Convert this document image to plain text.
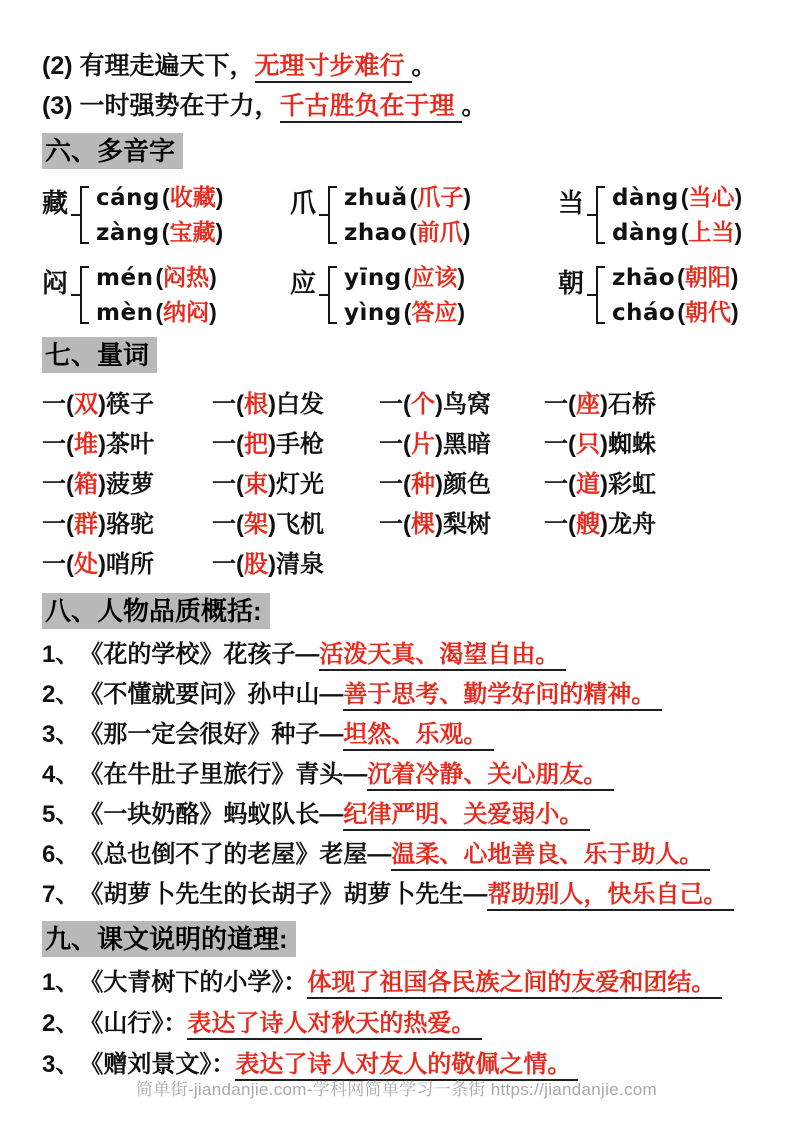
(2) 有理走遍天下，无理寸步难行 。
(3) 一时强势在于力，千古胜负在于理 。
六、多音字
藏 cáng(收藏)
zàng(宝藏)
爪 zhuǎ(爪子)
zhao(前爪)
当 dàng(当心)
dàng(上当)
闷 mén(闷热)
mèn(纳闷)
应 yīng(应该)
yìng(答应)
朝 zhāo(朝阳)
cháo(朝代)
七、量词
一(双)筷子	一(根)白发	一(个)鸟窝	一(座)石桥
一(堆)茶叶	一(把)手枪	一(片)黑暗	一(只)蜘蛛
一(箱)菠萝	一(束)灯光	一(种)颜色	一(道)彩虹
一(群)骆驼	一(架)飞机	一(棵)梨树	一(艘)龙舟
一(处)哨所	一(股)清泉
八、人物品质概括:
1、 《花的学校》花孩子—活泼天真、渴望自由。
2、 《不懂就要问》孙中山—善于思考、勤学好问的精神。
3、 《那一定会很好》种子—坦然、乐观。
4、 《在牛肚子里旅行》青头—沉着冷静、关心朋友。
5、 《一块奶酪》蚂蚁队长—纪律严明、关爱弱小。
6、 《总也倒不了的老屋》老屋—温柔、心地善良、乐于助人。
7、 《胡萝卜先生的长胡子》胡萝卜先生—帮助别人，快乐自己。
九、课文说明的道理:
1、 《大青树下的小学》：体现了祖国各民族之间的友爱和团结。
2、 《山行》：表达了诗人对秋天的热爱。
3、 《赠刘景文》：表达了诗人对友人的敬佩之情。
简单街-jiandanjie.com-学科网简单学习一条街 https://jiandanjie.com
